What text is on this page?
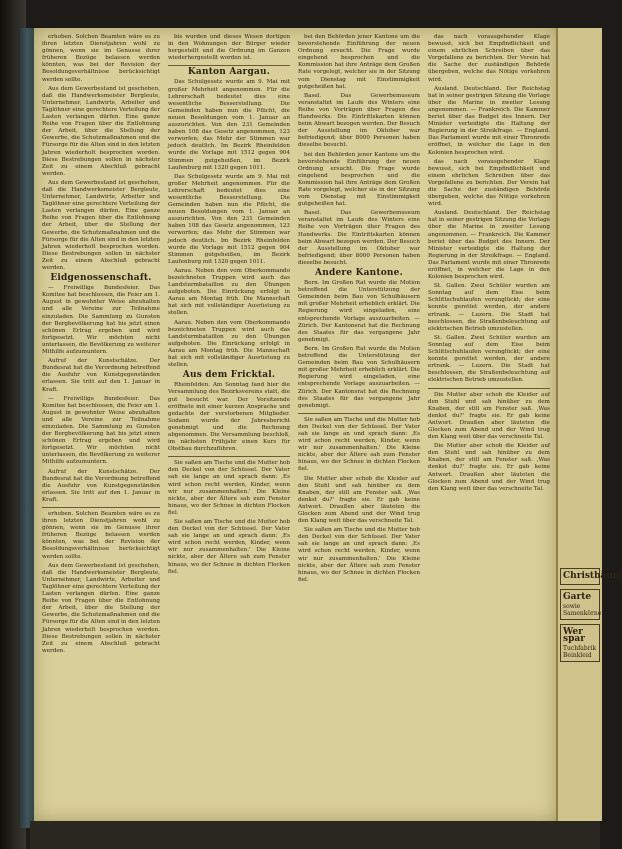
erhoben. Solchen Beamten wäre es zu ihren letzten Dienstjahren wohl zu gönnen, wenn sie im Genusse ihrer früheren Bezüge belassen werden könnten, was bei der Revision der Besoldungsverhältnisse berücksichtigt werden sollte.

Aus dem Gewerbestand ist geschehen, daß die Handwerksmeister Bergleute, Unternehmer, Landwirte, Arbeiter und Taglöhner eine gerechtere Verteilung der Lasten verlangen dürfen. Eine ganze Reihe von Fragen über die Entlohnung der Arbeit, über die Stellung der Gewerbe, die Schutzmaßnahmen und die Fürsorge für die Alten sind in den letzten Jahren wiederholt besprochen worden. Diese Bestrebungen sollen in nächster Zeit zu einem Abschluß gebracht werden.

Aus dem Gewerbestand ist geschehen, daß die Handwerksmeister Bergleute, Unternehmer, Landwirte, Arbeiter und Taglöhner eine gerechtere Verteilung der Lasten verlangen dürfen. Eine ganze Reihe von Fragen über die Entlohnung der Arbeit, über die Stellung der Gewerbe, die Schutzmaßnahmen und die Fürsorge für die Alten sind in den letzten Jahren wiederholt besprochen worden. Diese Bestrebungen sollen in nächster Zeit zu einem Abschluß gebracht werden.

Eidgenossenschaft.

— Freiwillige Bundesfeier. Das Komitee hat beschlossen, die Feier am 1. August in gewohnter Weise abzuhalten und alle Vereine zur Teilnahme einzuladen. Die Sammlung zu Gunsten der Bergbevölkerung hat bis jetzt einen schönen Ertrag ergeben und wird fortgesetzt. Wir möchten nicht unterlassen, die Bevölkerung zu weiterer Mithilfe aufzumuntern.

Aufruf der Kunstschätze. Der Bundesrat hat die Verordnung betreffend die Ausfuhr von Kunstgegenständen erlassen. Sie tritt auf den 1. Januar in Kraft.

— Freiwillige Bundesfeier. Das Komitee hat beschlossen, die Feier am 1. August in gewohnter Weise abzuhalten und alle Vereine zur Teilnahme einzuladen. Die Sammlung zu Gunsten der Bergbevölkerung hat bis jetzt einen schönen Ertrag ergeben und wird fortgesetzt. Wir möchten nicht unterlassen, die Bevölkerung zu weiterer Mithilfe aufzumuntern.

Aufruf der Kunstschätze. Der Bundesrat hat die Verordnung betreffend die Ausfuhr von Kunstgegenständen erlassen. Sie tritt auf den 1. Januar in Kraft.

erhoben. Solchen Beamten wäre es zu ihren letzten Dienstjahren wohl zu gönnen, wenn sie im Genusse ihrer früheren Bezüge belassen werden könnten, was bei der Revision der Besoldungsverhältnisse berücksichtigt werden sollte.

Aus dem Gewerbestand ist geschehen, daß die Handwerksmeister Bergleute, Unternehmer, Landwirte, Arbeiter und Taglöhner eine gerechtere Verteilung der Lasten verlangen dürfen. Eine ganze Reihe von Fragen über die Entlohnung der Arbeit, über die Stellung der Gewerbe, die Schutzmaßnahmen und die Fürsorge für die Alten sind in den letzten Jahren wiederholt besprochen worden. Diese Bestrebungen sollen in nächster Zeit zu einem Abschluß gebracht werden.

bis wurden und dieses Wesen dortigen in den Wohnungen der Bürger wieder hergestellt und die Ordnung im Ganzen wiederhergestellt worden ist.

Kanton Aargau.

Das Schulgesetz wurde am 9. Mai mit großer Mehrheit angenommen. Für die Lehrerschaft bedeutet dies eine wesentliche Besserstellung. Die Gemeinden haben nun die Pflicht, die neuen Besoldungen vom 1. Januar an auszurichten. Von den 231 Gemeinden haben 108 das Gesetz angenommen, 123 verworfen; das Mehr der Stimmen war jedoch deutlich. Im Bezirk Rheinfelden wurde die Vorlage mit 1512 gegen 904 Stimmen gutgeheißen, im Bezirk Laufenburg mit 1320 gegen 1011.

Das Schulgesetz wurde am 9. Mai mit großer Mehrheit angenommen. Für die Lehrerschaft bedeutet dies eine wesentliche Besserstellung. Die Gemeinden haben nun die Pflicht, die neuen Besoldungen vom 1. Januar an auszurichten. Von den 231 Gemeinden haben 108 das Gesetz angenommen, 123 verworfen; das Mehr der Stimmen war jedoch deutlich. Im Bezirk Rheinfelden wurde die Vorlage mit 1512 gegen 904 Stimmen gutgeheißen, im Bezirk Laufenburg mit 1320 gegen 1011.

Aarau. Neben den vom Oberkommando bezeichneten Truppen wird auch das Landsturmbataillon zu den Übungen aufgeboten. Die Einrückung erfolgt in Aarau am Montag früh. Die Mannschaft hat sich mit vollständiger Ausrüstung zu stellen.

Aarau. Neben den vom Oberkommando bezeichneten Truppen wird auch das Landsturmbataillon zu den Übungen aufgeboten. Die Einrückung erfolgt in Aarau am Montag früh. Die Mannschaft hat sich mit vollständiger Ausrüstung zu stellen.

Aus dem Fricktal.

Rheinfelden. Am Sonntag fand hier die Versammlung des Bezirksvereins statt, die gut besucht war. Der Vorsitzende eröffnete mit einer kurzen Ansprache und gedachte der verstorbenen Mitglieder. Sodann wurde der Jahresbericht genehmigt und die Rechnung abgenommen. Die Versammlung beschloß, im nächsten Frühjahr einen Kurs für Obstbau durchzuführen.

Sie saßen am Tische und die Mutter hob den Deckel von der Schüssel. Der Vater sah sie lange an und sprach dann: ,Es wird schon recht werden, Kinder, wenn wir nur zusammenhalten.' Die Kleine nickte, aber der Ältere sah zum Fenster hinaus, wo der Schnee in dichten Flocken fiel.

Sie saßen am Tische und die Mutter hob den Deckel von der Schüssel. Der Vater sah sie lange an und sprach dann: ,Es wird schon recht werden, Kinder, wenn wir nur zusammenhalten.' Die Kleine nickte, aber der Ältere sah zum Fenster hinaus, wo der Schnee in dichten Flocken fiel.

bei den Behörden jener Kantone um die bevorstehende Einführung der neuen Ordnung ersucht. Die Frage wurde eingehend besprochen und die Kommission hat ihre Anträge dem Großen Rate vorgelegt, welcher sie in der Sitzung vom Dienstag mit Einstimmigkeit gutgeheißen hat.

Basel. Das Gewerbemuseum veranstaltet im Laufe des Winters eine Reihe von Vorträgen über Fragen des Handwerks. Die Eintrittskarten können beim Abwart bezogen werden. Der Besuch der Ausstellung im Oktober war befriedigend; über 8000 Personen haben dieselbe besucht.

bei den Behörden jener Kantone um die bevorstehende Einführung der neuen Ordnung ersucht. Die Frage wurde eingehend besprochen und die Kommission hat ihre Anträge dem Großen Rate vorgelegt, welcher sie in der Sitzung vom Dienstag mit Einstimmigkeit gutgeheißen hat.

Basel. Das Gewerbemuseum veranstaltet im Laufe des Winters eine Reihe von Vorträgen über Fragen des Handwerks. Die Eintrittskarten können beim Abwart bezogen werden. Der Besuch der Ausstellung im Oktober war befriedigend; über 8000 Personen haben dieselbe besucht.

Andere Kantone.

Bern. Im Großen Rat wurde die Motion betreffend die Unterstützung der Gemeinden beim Bau von Schulhäusern mit großer Mehrheit erheblich erklärt. Die Regierung wird eingeladen, eine entsprechende Vorlage auszuarbeiten. — Zürich. Der Kantonsrat hat die Rechnung des Staates für das vergangene Jahr genehmigt.

Bern. Im Großen Rat wurde die Motion betreffend die Unterstützung der Gemeinden beim Bau von Schulhäusern mit großer Mehrheit erheblich erklärt. Die Regierung wird eingeladen, eine entsprechende Vorlage auszuarbeiten. — Zürich. Der Kantonsrat hat die Rechnung des Staates für das vergangene Jahr genehmigt.

Sie saßen am Tische und die Mutter hob den Deckel von der Schüssel. Der Vater sah sie lange an und sprach dann: ,Es wird schon recht werden, Kinder, wenn wir nur zusammenhalten.' Die Kleine nickte, aber der Ältere sah zum Fenster hinaus, wo der Schnee in dichten Flocken fiel.

Die Mutter aber schob die Kleider auf den Stuhl und sah hinüber zu dem Knaben, der still am Fenster saß. ,Was denkst du?' fragte sie. Er gab keine Antwort. Draußen aber läuteten die Glocken zum Abend und der Wind trug den Klang weit über das verschneite Tal.

Sie saßen am Tische und die Mutter hob den Deckel von der Schüssel. Der Vater sah sie lange an und sprach dann: ,Es wird schon recht werden, Kinder, wenn wir nur zusammenhalten.' Die Kleine nickte, aber der Ältere sah zum Fenster hinaus, wo der Schnee in dichten Flocken fiel.

das nach vorausgehender Klage bewusst, sich bei Empfindlichkeit und einem ehrlichen Schreiben über das Vorgefallene zu berichten. Der Verein hat die Sache der zuständigen Behörde übergeben, welche das Nötige vorkehren wird.

Ausland. Deutschland. Der Reichstag hat in seiner gestrigen Sitzung die Vorlage über die Marine in zweiter Lesung angenommen. — Frankreich. Die Kammer beriet über das Budget des Innern. Der Minister verteidigte die Haltung der Regierung in der Streikfrage. — England. Das Parlament wurde mit einer Thronrede eröffnet, in welcher die Lage in den Kolonien besprochen wird.

das nach vorausgehender Klage bewusst, sich bei Empfindlichkeit und einem ehrlichen Schreiben über das Vorgefallene zu berichten. Der Verein hat die Sache der zuständigen Behörde übergeben, welche das Nötige vorkehren wird.

Ausland. Deutschland. Der Reichstag hat in seiner gestrigen Sitzung die Vorlage über die Marine in zweiter Lesung angenommen. — Frankreich. Die Kammer beriet über das Budget des Innern. Der Minister verteidigte die Haltung der Regierung in der Streikfrage. — England. Das Parlament wurde mit einer Thronrede eröffnet, in welcher die Lage in den Kolonien besprochen wird.

St. Gallen. Zwei Schüler wurden am Sonntag auf dem Eise beim Schlittschuhlaufen verunglückt; der eine konnte gerettet werden, der andere ertrank. — Luzern. Die Stadt hat beschlossen, die Straßenbeleuchtung auf elektrischen Betrieb umzustellen.

St. Gallen. Zwei Schüler wurden am Sonntag auf dem Eise beim Schlittschuhlaufen verunglückt; der eine konnte gerettet werden, der andere ertrank. — Luzern. Die Stadt hat beschlossen, die Straßenbeleuchtung auf elektrischen Betrieb umzustellen.

Die Mutter aber schob die Kleider auf den Stuhl und sah hinüber zu dem Knaben, der still am Fenster saß. ,Was denkst du?' fragte sie. Er gab keine Antwort. Draußen aber läuteten die Glocken zum Abend und der Wind trug den Klang weit über das verschneite Tal.

Die Mutter aber schob die Kleider auf den Stuhl und sah hinüber zu dem Knaben, der still am Fenster saß. ,Was denkst du?' fragte sie. Er gab keine Antwort. Draußen aber läuteten die Glocken zum Abend und der Wind trug den Klang weit über das verschneite Tal.

Christbäum
Garte
sowie Samenkörner
Wer spar
Tuchfabrik
Beinkleid
